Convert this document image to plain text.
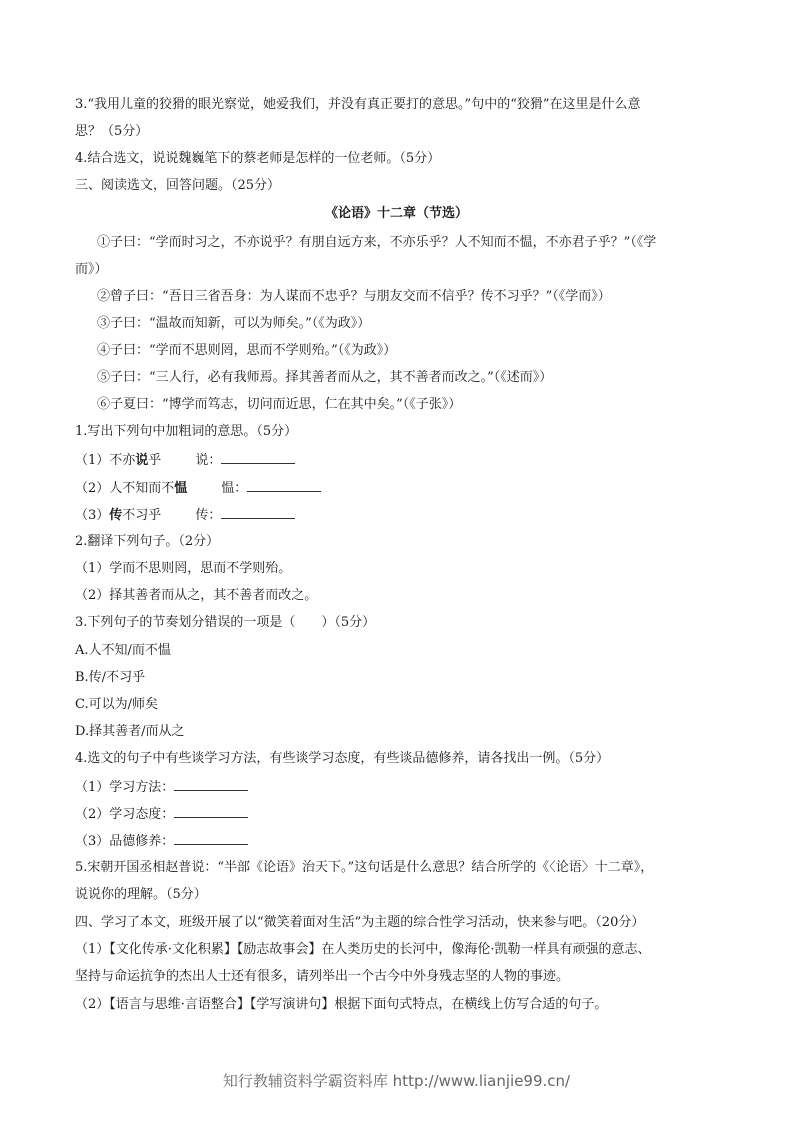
3.“我用儿童的狡猾的眼光察觉，她爱我们，并没有真正要打的意思。”句中的“狡猾”在这里是什么意
思？（5分）
4.结合选文，说说魏巍笔下的蔡老师是怎样的一位老师。（5分）
三、阅读选文，回答问题。（25分）
《论语》十二章（节选）
①子曰：“学而时习之，不亦说乎？有朋自远方来，不亦乐乎？人不知而不愠，不亦君子乎？”（《学
而》）
②曾子曰：“吾日三省吾身：为人谋而不忠乎？与朋友交而不信乎？传不习乎？”（《学而》）
③子曰：“温故而知新，可以为师矣。”（《为政》）
④子曰：“学而不思则罔，思而不学则殆。”（《为政》）
⑤子曰：“三人行，必有我师焉。择其善者而从之，其不善者而改之。”（《述而》）
⑥子夏曰：“博学而笃志，切问而近思，仁在其中矣。”（《子张》）
1.写出下列句中加粗词的意思。（5分）
（1）不亦说乎	说：
（2）人不知而不愠	愠：
（3）传不习乎	传：
2.翻译下列句子。（2分）
（1）学而不思则罔，思而不学则殆。
（2）择其善者而从之，其不善者而改之。
3.下列句子的节奏划分错误的一项是（　　）（5分）
A.人不知/而不愠
B.传/不习乎
C.可以为/师矣
D.择其善者/而从之
4.选文的句子中有些谈学习方法，有些谈学习态度，有些谈品德修养，请各找出一例。（5分）
（1）学习方法：
（2）学习态度：
（3）品德修养：
5.宋朝开国丞相赵普说：“半部《论语》治天下。”这句话是什么意思？结合所学的《〈论语〉十二章》，
说说你的理解。（5分）
四、学习了本文，班级开展了以“微笑着面对生活”为主题的综合性学习活动，快来参与吧。（20分）
（1）【文化传承·文化积累】【励志故事会】在人类历史的长河中，像海伦·凯勒一样具有顽强的意志、
坚持与命运抗争的杰出人士还有很多，请列举出一个古今中外身残志坚的人物的事迹。
（2）【语言与思维·言语整合】【学写演讲句】根据下面句式特点，在横线上仿写合适的句子。
知行教辅资料学霸资料库 http://www.lianjie99.cn/
